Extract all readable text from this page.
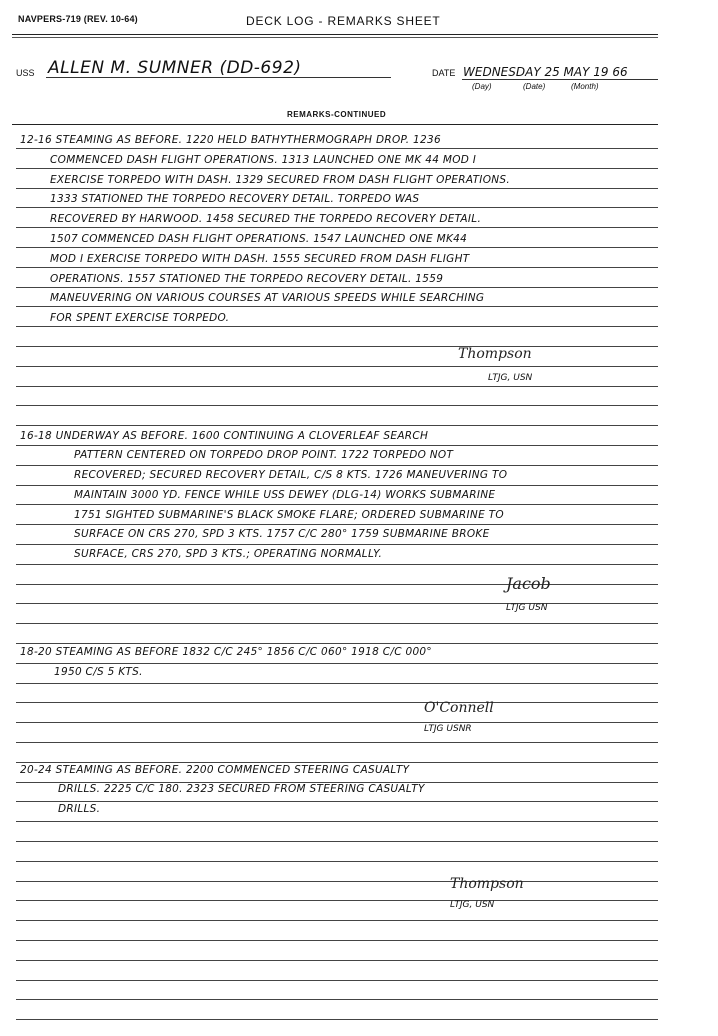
NAVPERS-719 (REV. 10-64)	DECK LOG - REMARKS SHEET
USS ALLEN M. SUMNER (DD-692)	DATE WEDNESDAY 25 MAY 19 66
(Day)	(Date)	(Month)
REMARKS-CONTINUED
12-16 STEAMING AS BEFORE. 1220 HELD BATHYTHERMOGRAPH DROP. 1236
COMMENCED DASH FLIGHT OPERATIONS. 1313 LAUNCHED ONE MK 44 MOD I
EXERCISE TORPEDO WITH DASH. 1329 SECURED FROM DASH FLIGHT OPERATIONS.
1333 STATIONED THE TORPEDO RECOVERY DETAIL. TORPEDO WAS
RECOVERED BY HARWOOD. 1458 SECURED THE TORPEDO RECOVERY DETAIL.
1507 COMMENCED DASH FLIGHT OPERATIONS. 1547 LAUNCHED ONE MK44
MOD I EXERCISE TORPEDO WITH DASH. 1555 SECURED FROM DASH FLIGHT
OPERATIONS. 1557 STATIONED THE TORPEDO RECOVERY DETAIL. 1559
MANEUVERING ON VARIOUS COURSES AT VARIOUS SPEEDS WHILE SEARCHING
FOR SPENT EXERCISE TORPEDO.
Thompson
LTJG, USN
16-18 UNDERWAY AS BEFORE. 1600 CONTINUING A CLOVERLEAF SEARCH
PATTERN CENTERED ON TORPEDO DROP POINT. 1722 TORPEDO NOT
RECOVERED; SECURED RECOVERY DETAIL, C/S 8 KTS. 1726 MANEUVERING TO
MAINTAIN 3000 YD. FENCE WHILE USS DEWEY (DLG-14) WORKS SUBMARINE
1751 SIGHTED SUBMARINE'S BLACK SMOKE FLARE; ORDERED SUBMARINE TO
SURFACE ON CRS 270, SPD 3 KTS. 1757 C/C 280° 1759 SUBMARINE BROKE
SURFACE, CRS 270, SPD 3 KTS.; OPERATING NORMALLY.
Jacob
LTJG USN
18-20 STEAMING AS BEFORE 1832 C/C 245° 1856 C/C 060° 1918 C/C 000°
1950 C/S 5 KTS.
O'Connell
LTJG USNR
20-24 STEAMING AS BEFORE. 2200 COMMENCED STEERING CASUALTY
DRILLS. 2225 C/C 180. 2323 SECURED FROM STEERING CASUALTY
DRILLS.
Thompson
LTJG, USN
